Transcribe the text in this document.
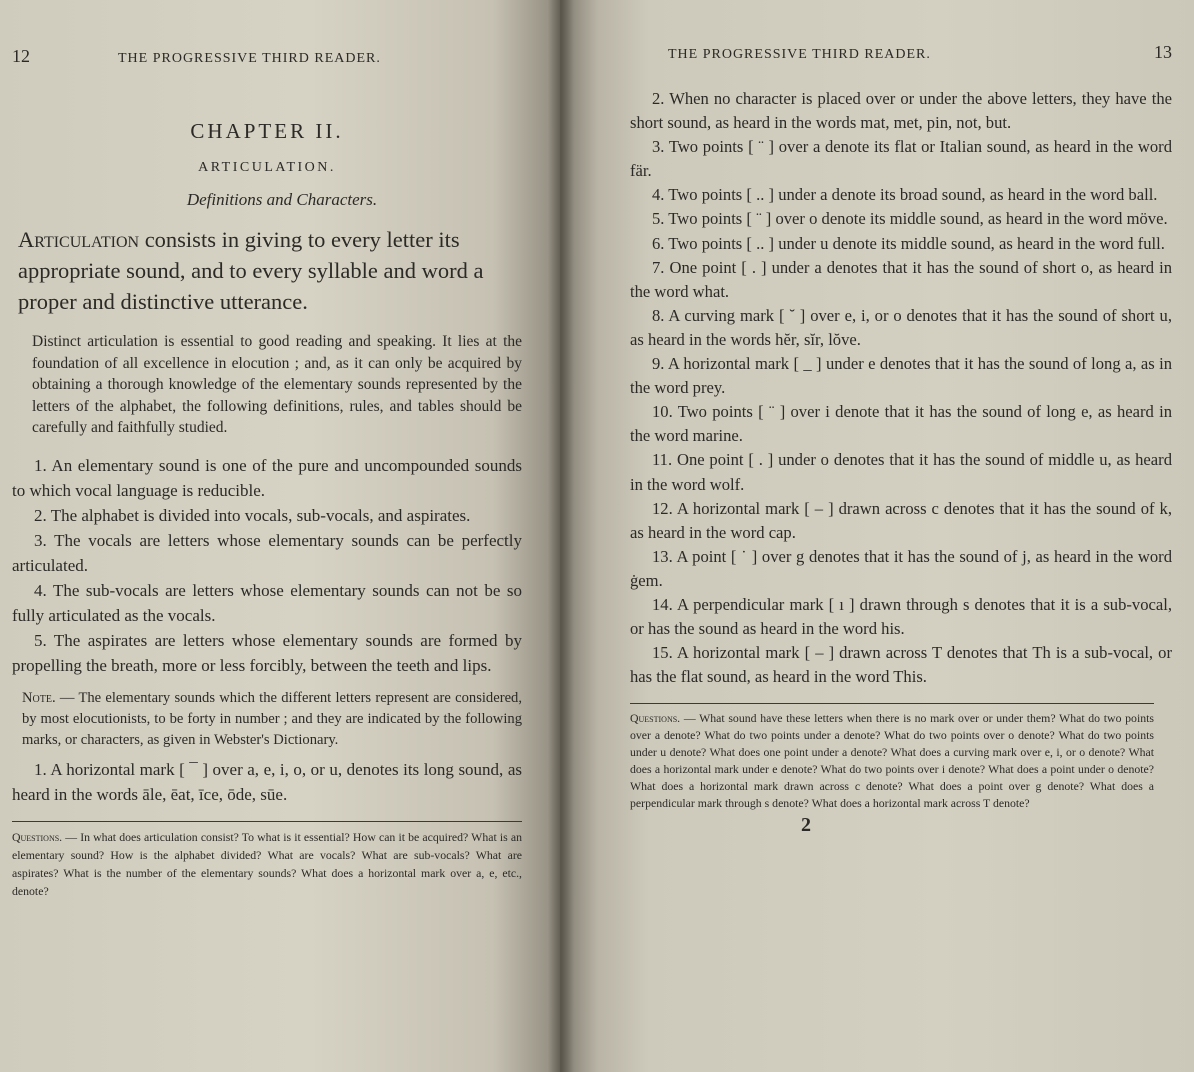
12	THE PROGRESSIVE THIRD READER.
CHAPTER II.
ARTICULATION.
Definitions and Characters.
Articulation consists in giving to every letter its appropriate sound, and to every syllable and word a proper and distinctive utterance.
Distinct articulation is essential to good reading and speaking. It lies at the foundation of all excellence in elocution ; and, as it can only be acquired by obtaining a thorough knowledge of the elementary sounds represented by the letters of the alphabet, the following definitions, rules, and tables should be carefully and faithfully studied.

1. An elementary sound is one of the pure and uncompounded sounds to which vocal language is reducible.

2. The alphabet is divided into vocals, sub-vocals, and aspirates.

3. The vocals are letters whose elementary sounds can be perfectly articulated.

4. The sub-vocals are letters whose elementary sounds can not be so fully articulated as the vocals.

5. The aspirates are letters whose elementary sounds are formed by propelling the breath, more or less forcibly, between the teeth and lips.

Note. — The elementary sounds which the different letters represent are considered, by most elocutionists, to be forty in number ; and they are indicated by the following marks, or characters, as given in Webster's Dictionary.

1. A horizontal mark [ ¯ ] over a, e, i, o, or u, denotes its long sound, as heard in the words āle, ēat, īce, ōde, sūe.

Questions. — In what does articulation consist? To what is it essential? How can it be acquired? What is an elementary sound? How is the alphabet divided? What are vocals? What are sub-vocals? What are aspirates? What is the number of the elementary sounds? What does a horizontal mark over a, e, etc., denote?
THE PROGRESSIVE THIRD READER.	13

2. When no character is placed over or under the above letters, they have the short sound, as heard in the words mat, met, pin, not, but.

3. Two points [ ¨ ] over a denote its flat or Italian sound, as heard in the word fär.

4. Two points [ .. ] under a denote its broad sound, as heard in the word ball.

5. Two points [ ¨ ] over o denote its middle sound, as heard in the word möve.

6. Two points [ .. ] under u denote its middle sound, as heard in the word full.

7. One point [ . ] under a denotes that it has the sound of short o, as heard in the word what.

8. A curving mark [ ˘ ] over e, i, or o denotes that it has the sound of short u, as heard in the words hĕr, sĭr, lŏve.

9. A horizontal mark [ _ ] under e denotes that it has the sound of long a, as in the word prey.

10. Two points [ ¨ ] over i denote that it has the sound of long e, as heard in the word marine.

11. One point [ . ] under o denotes that it has the sound of middle u, as heard in the word wolf.

12. A horizontal mark [ – ] drawn across c denotes that it has the sound of k, as heard in the word cap.

13. A point [ ˙ ] over g denotes that it has the sound of j, as heard in the word ġem.

14. A perpendicular mark [ ı ] drawn through s denotes that it is a sub-vocal, or has the sound as heard in the word his.

15. A horizontal mark [ – ] drawn across T denotes that Th is a sub-vocal, or has the flat sound, as heard in the word This.

Questions. — What sound have these letters when there is no mark over or under them? What do two points over a denote? What do two points under a denote? What do two points over o denote? What do two points under u denote? What does one point under a denote? What does a curving mark over e, i, or o denote? What does a horizontal mark under e denote? What do two points over i denote? What does a point under o denote? What does a horizontal mark drawn across c denote? What does a point over g denote? What does a perpendicular mark through s denote? What does a horizontal mark across T denote?
2
